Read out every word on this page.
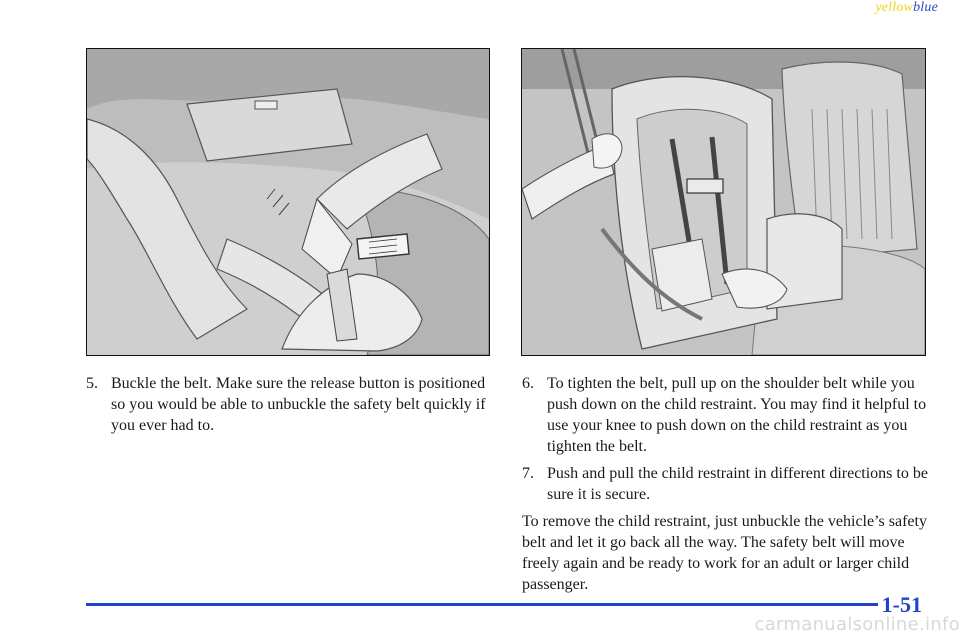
yellowblue
5. Buckle the belt. Make sure the release button is positioned so you would be able to unbuckle the safety belt quickly if you ever had to.
6. To tighten the belt, pull up on the shoulder belt while you push down on the child restraint. You may find it helpful to use your knee to push down on the child restraint as you tighten the belt.
7. Push and pull the child restraint in different directions to be sure it is secure.

To remove the child restraint, just unbuckle the vehicle’s safety belt and let it go back all the way. The safety belt will move freely again and be ready to work for an adult or larger child passenger.

1-51
carmanualsonline.info
